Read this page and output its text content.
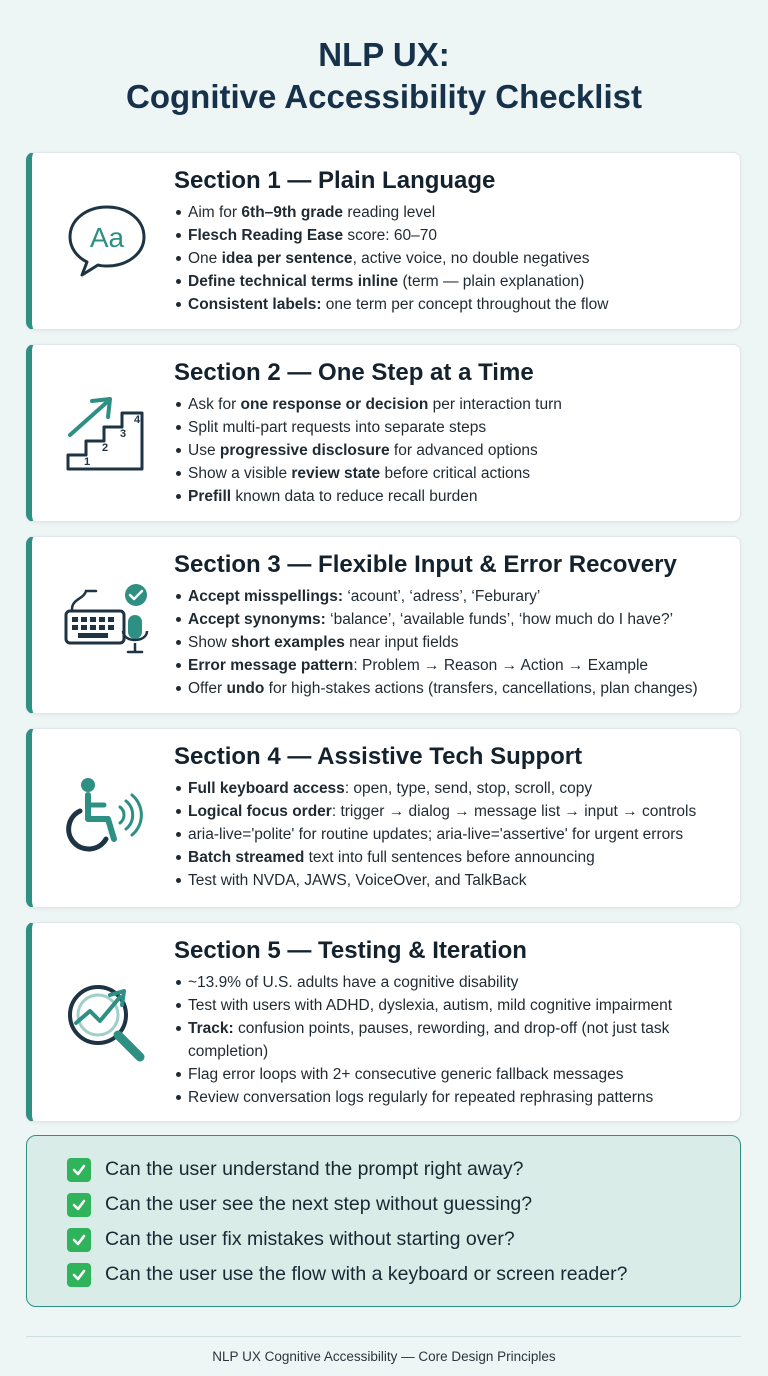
NLP UX:
Cognitive Accessibility Checklist
Aa
Section 1 — Plain Language
Aim for 6th–9th grade reading level
Flesch Reading Ease score: 60–70
One idea per sentence, active voice, no double negatives
Define technical terms inline (term — plain explanation)
Consistent labels: one term per concept throughout the flow
1
2
3
4
Section 2 — One Step at a Time
Ask for one response or decision per interaction turn
Split multi-part requests into separate steps
Use progressive disclosure for advanced options
Show a visible review state before critical actions
Prefill known data to reduce recall burden
Section 3 — Flexible Input & Error Recovery
Accept misspellings: ‘acount’, ‘adress’, ‘Feburary’
Accept synonyms: ‘balance’, ‘available funds’, ‘how much do I have?’
Show short examples near input fields
Error message pattern: Problem → Reason → Action → Example
Offer undo for high-stakes actions (transfers, cancellations, plan changes)
Section 4 — Assistive Tech Support
Full keyboard access: open, type, send, stop, scroll, copy
Logical focus order: trigger → dialog → message list → input → controls
aria-live='polite' for routine updates; aria-live='assertive' for urgent errors
Batch streamed text into full sentences before announcing
Test with NVDA, JAWS, VoiceOver, and TalkBack
Section 5 — Testing & Iteration
~13.9% of U.S. adults have a cognitive disability
Test with users with ADHD, dyslexia, autism, mild cognitive impairment
Track: confusion points, pauses, rewording, and drop-off (not just task completion)
Flag error loops with 2+ consecutive generic fallback messages
Review conversation logs regularly for repeated rephrasing patterns
Can the user understand the prompt right away?
Can the user see the next step without guessing?
Can the user fix mistakes without starting over?
Can the user use the flow with a keyboard or screen reader?
NLP UX Cognitive Accessibility — Core Design Principles
